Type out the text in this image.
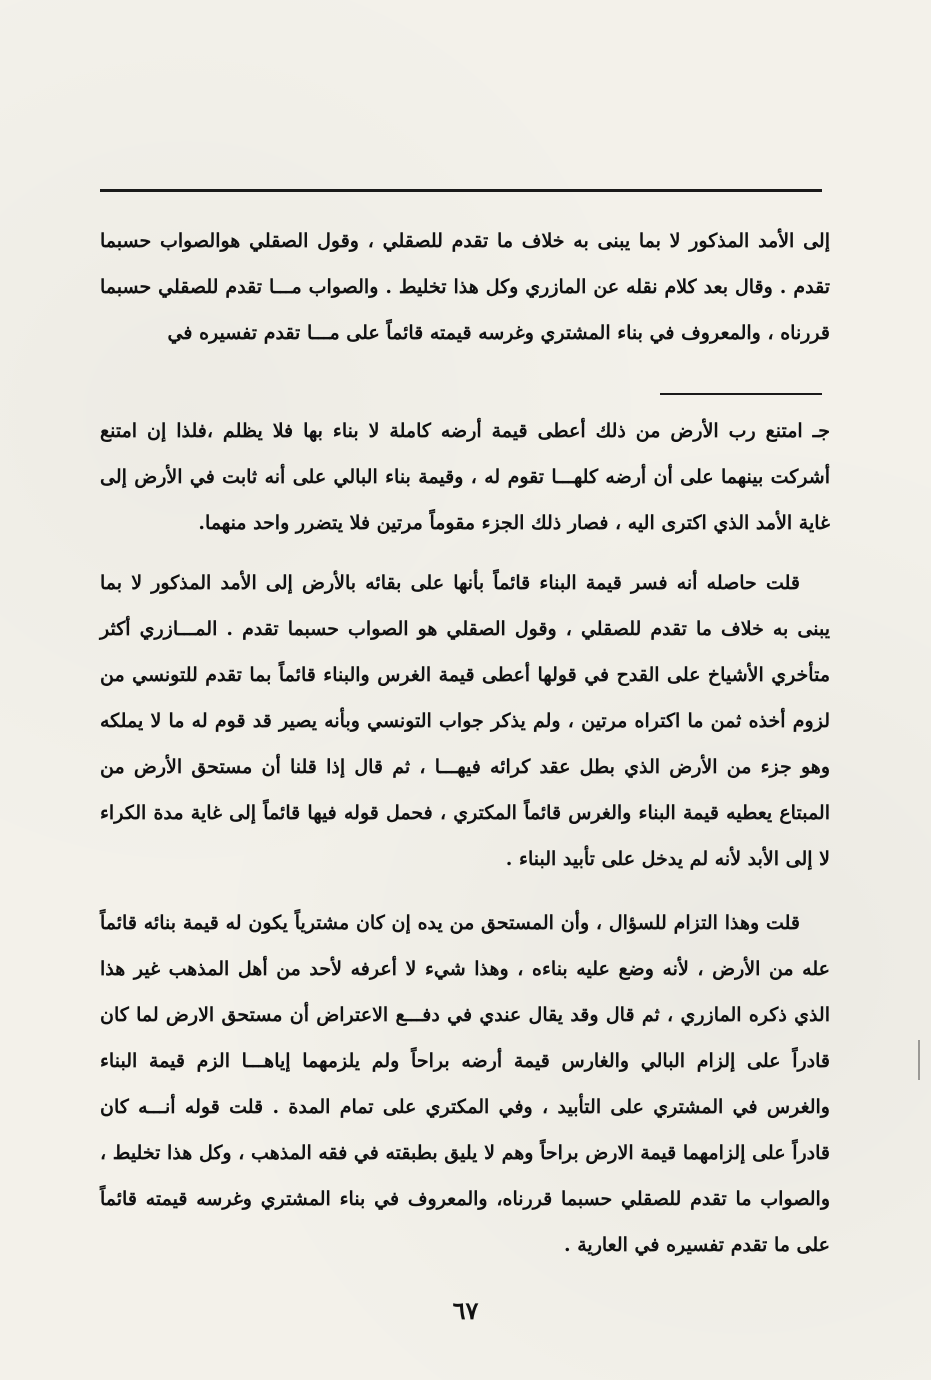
إلى الأمد المذكور لا بما يبنى به خلاف ما تقدم للصقلي ، وقول الصقلي هوالصواب حسبما تقدم . وقال بعد كلام نقله عن المازري وكل هذا تخليط . والصواب مـــا تقدم للصقلي حسبما قررناه ، والمعروف في بناء المشتري وغرسه قيمته قائماً على مـــا تقدم تفسيره في

جـ امتنع رب الأرض من ذلك أعطى قيمة أرضه كاملة لا بناء بها فلا يظلم ،فلذا إن امتنع أشركت بينهما على أن أرضه كلهـــا تقوم له ، وقيمة بناء البالي على أنه ثابت في الأرض إلى غاية الأمد الذي اكترى اليه ، فصار ذلك الجزء مقوماً مرتين فلا يتضرر واحد منهما.

قلت حاصله أنه فسر قيمة البناء قائماً بأنها على بقائه بالأرض إلى الأمد المذكور لا بما يبنى به خلاف ما تقدم للصقلي ، وقول الصقلي هو الصواب حسبما تقدم . المـــازري أكثر متأخري الأشياخ على القدح في قولها أعطى قيمة الغرس والبناء قائماً بما تقدم للتونسي من لزوم أخذه ثمن ما اكتراه مرتين ، ولم يذكر جواب التونسي وبأنه يصير قد قوم له ما لا يملكه وهو جزء من الأرض الذي بطل عقد كرائه فيهـــا ، ثم قال إذا قلنا أن مستحق الأرض من المبتاع يعطيه قيمة البناء والغرس قائماً المكتري ، فحمل قوله فيها قائماً إلى غاية مدة الكراء لا إلى الأبد لأنه لم يدخل على تأبيد البناء .

قلت وهذا التزام للسؤال ، وأن المستحق من يده إن كان مشترياً يكون له قيمة بنائه قائماً عله من الأرض ، لأنه وضع عليه بناءه ، وهذا شيء لا أعرفه لأحد من أهل المذهب غير هذا الذي ذكره المازري ، ثم قال وقد يقال عندي في دفـــع الاعتراض أن مستحق الارض لما كان قادراً على إلزام البالي والغارس قيمة أرضه براحاً ولم يلزمهما إياهـــا الزم قيمة البناء والغرس في المشتري على التأبيد ، وفي المكتري على تمام المدة . قلت قوله أنـــه كان قادراً على إلزامهما قيمة الارض براحاً وهم لا يليق بطبقته في فقه المذهب ، وكل هذا تخليط ، والصواب ما تقدم للصقلي حسبما قررناه، والمعروف في بناء المشتري وغرسه قيمته قائماً على ما تقدم تفسيره في العارية .

٦٧
